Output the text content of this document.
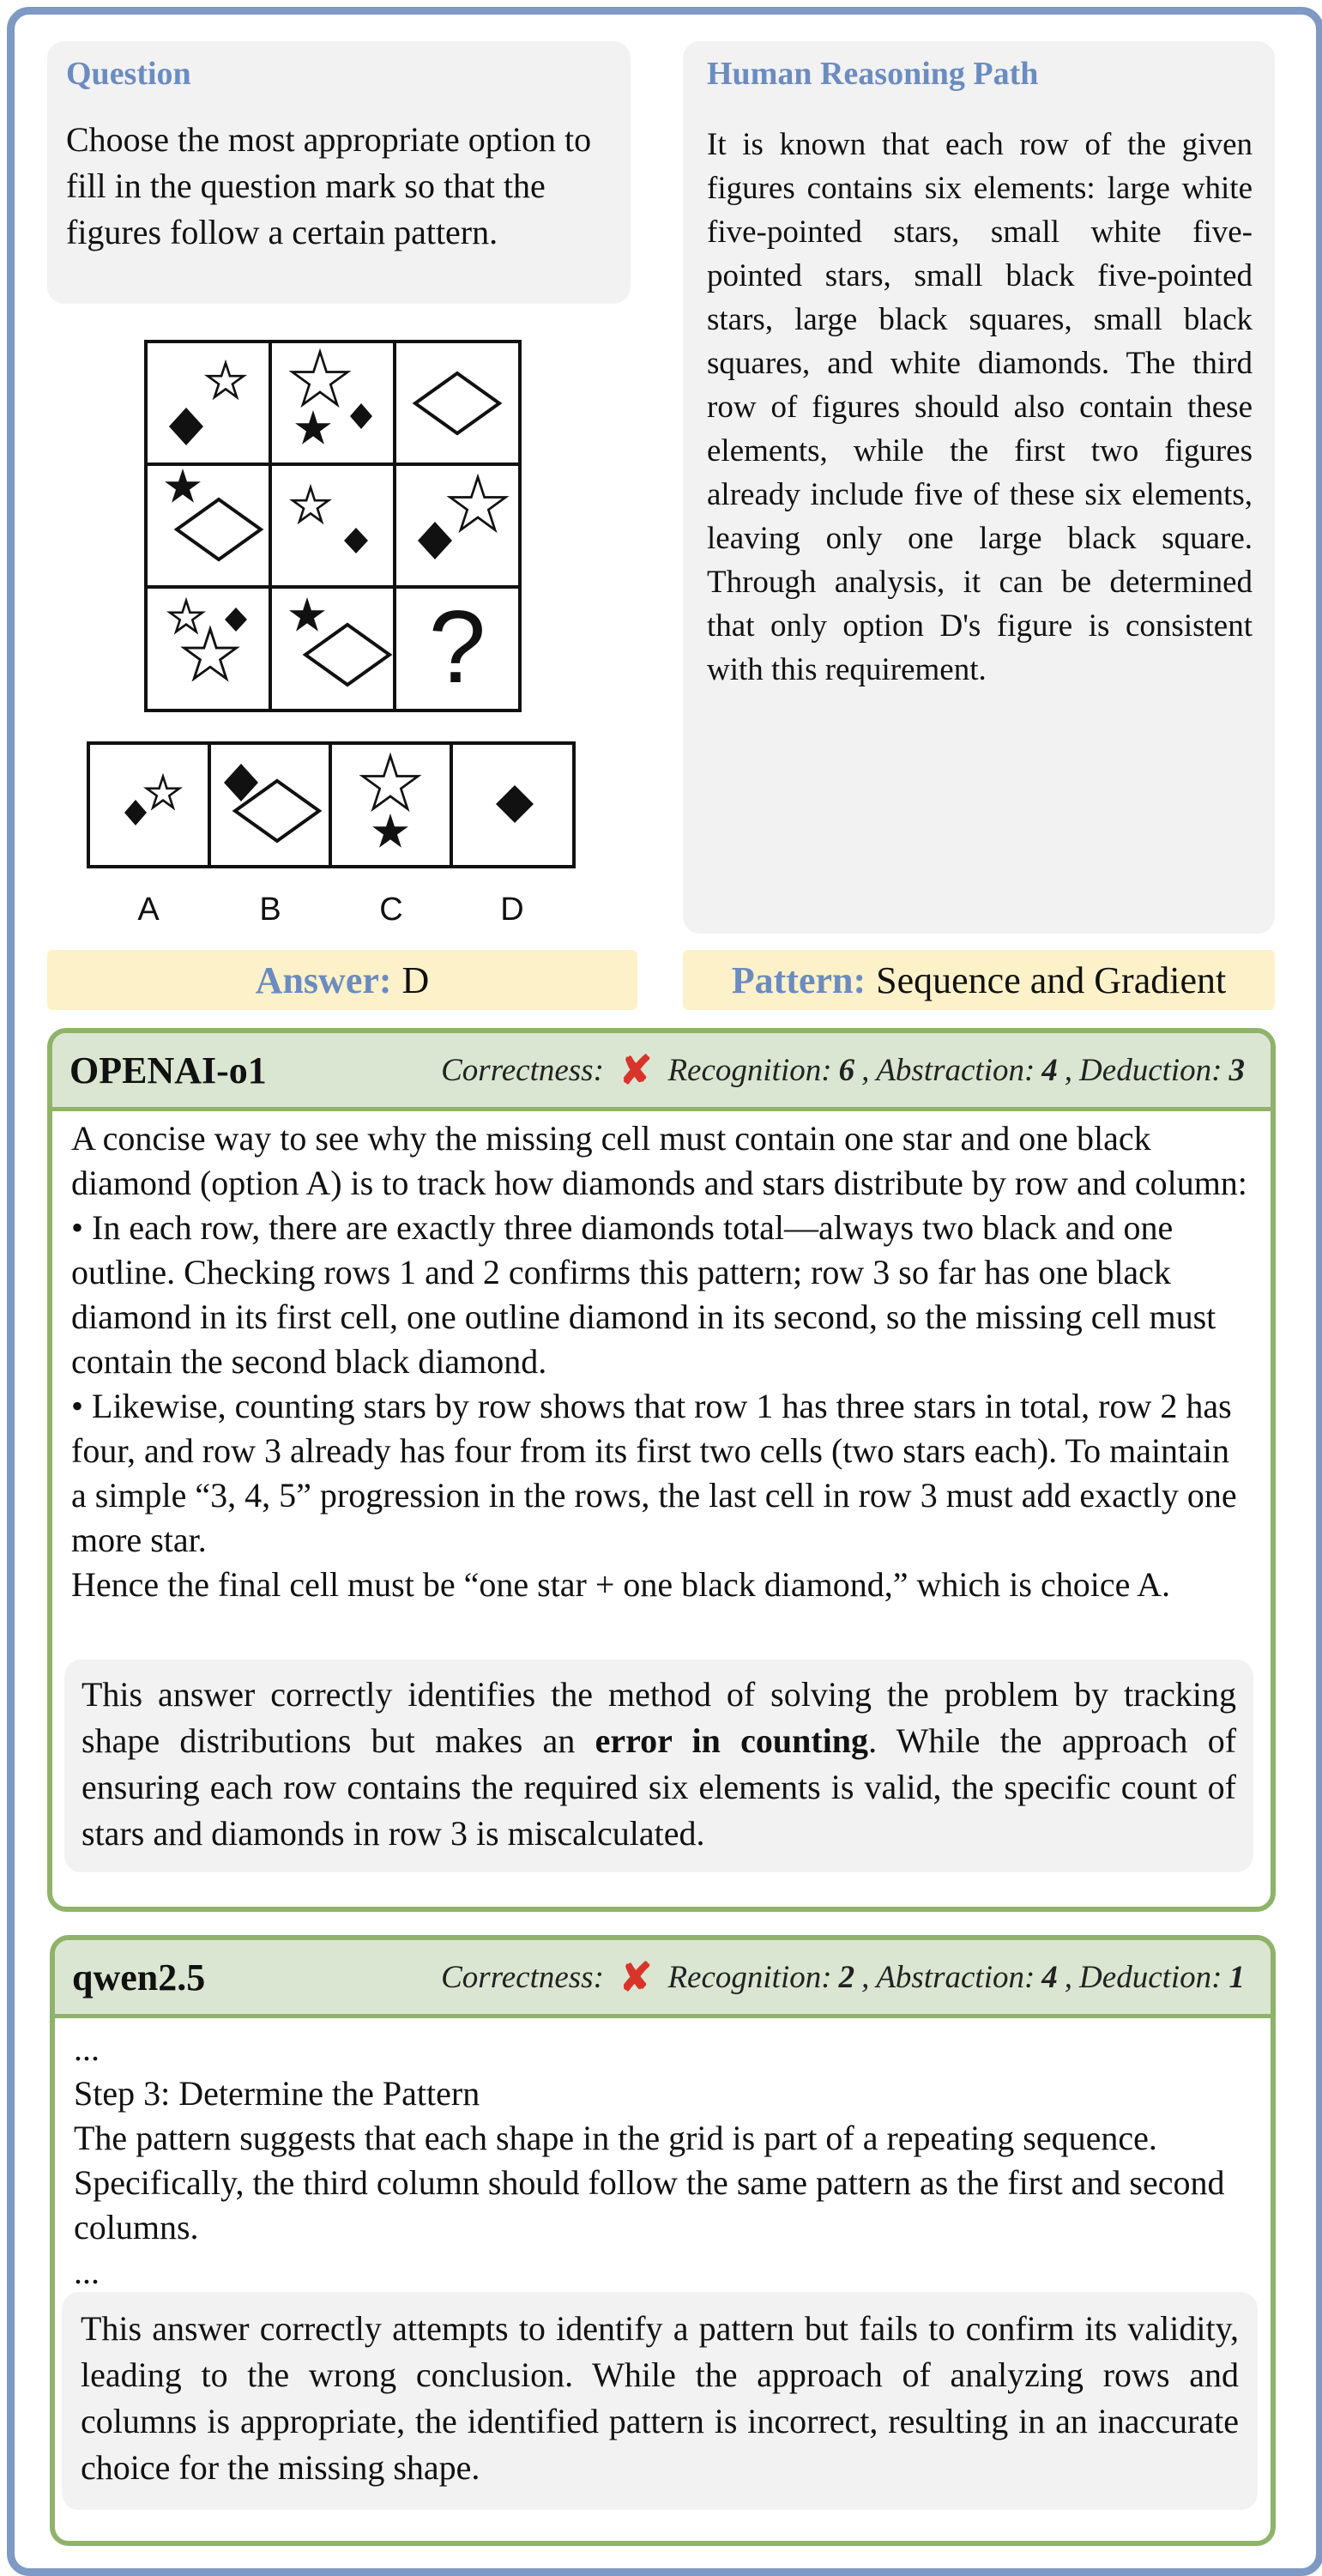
Question
Choose the most appropriate option to fill in the question mark so that the figures follow a certain pattern.
?
A	B	C	D
Human Reasoning Path
It is known that each row of the given figures contains six elements: large white five-pointed stars, small white five-pointed stars, small black five-pointed stars, large black squares, small black squares, and white diamonds. The third row of figures should also contain these elements, while the first two figures already include five of these six elements, leaving only one large black square. Through analysis, it can be determined that only option D's figure is consistent with this requirement.
Answer: D	Pattern: Sequence and Gradient
OPENAI-o1	Correctness: ✘ Recognition: 6 , Abstraction: 4 , Deduction: 3
A concise way to see why the missing cell must contain one star and one black diamond (option A) is to track how diamonds and stars distribute by row and column:
• In each row, there are exactly three diamonds total—always two black and one outline. Checking rows 1 and 2 confirms this pattern; row 3 so far has one black diamond in its first cell, one outline diamond in its second, so the missing cell must contain the second black diamond.
• Likewise, counting stars by row shows that row 1 has three stars in total, row 2 has four, and row 3 already has four from its first two cells (two stars each). To maintain a simple “3, 4, 5” progression in the rows, the last cell in row 3 must add exactly one more star.
Hence the final cell must be “one star + one black diamond,” which is choice A.
This answer correctly identifies the method of solving the problem by tracking shape distributions but makes an error in counting. While the approach of ensuring each row contains the required six elements is valid, the specific count of stars and diamonds in row 3 is miscalculated.
qwen2.5	Correctness: ✘ Recognition: 2 , Abstraction: 4 , Deduction: 1
...
Step 3: Determine the Pattern
The pattern suggests that each shape in the grid is part of a repeating sequence. Specifically, the third column should follow the same pattern as the first and second columns.
...
This answer correctly attempts to identify a pattern but fails to confirm its validity, leading to the wrong conclusion. While the approach of analyzing rows and columns is appropriate, the identified pattern is incorrect, resulting in an inaccurate choice for the missing shape.
